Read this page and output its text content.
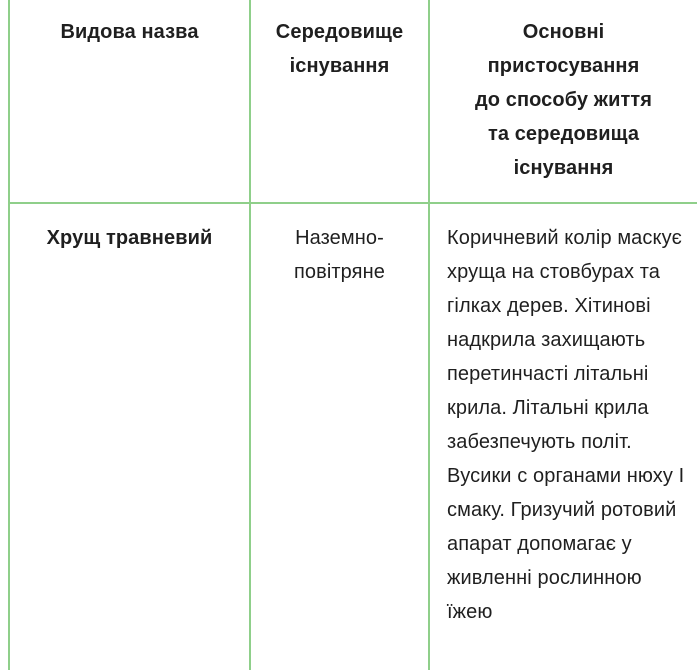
Видова назва	Середовище існування
Основні пристосування до способу життя та середовища існування
Хрущ травневий	Наземно-повітряне
Коричневий колір маскує хруща на стовбурах та гілках дерев. Хітинові надкрила захищають перетинчасті літальні крила. Літальні крила забезпечують політ. Вусики с органами нюху І смаку. Гризучий ротовий апарат допомагає у живленні рослинною їжею
